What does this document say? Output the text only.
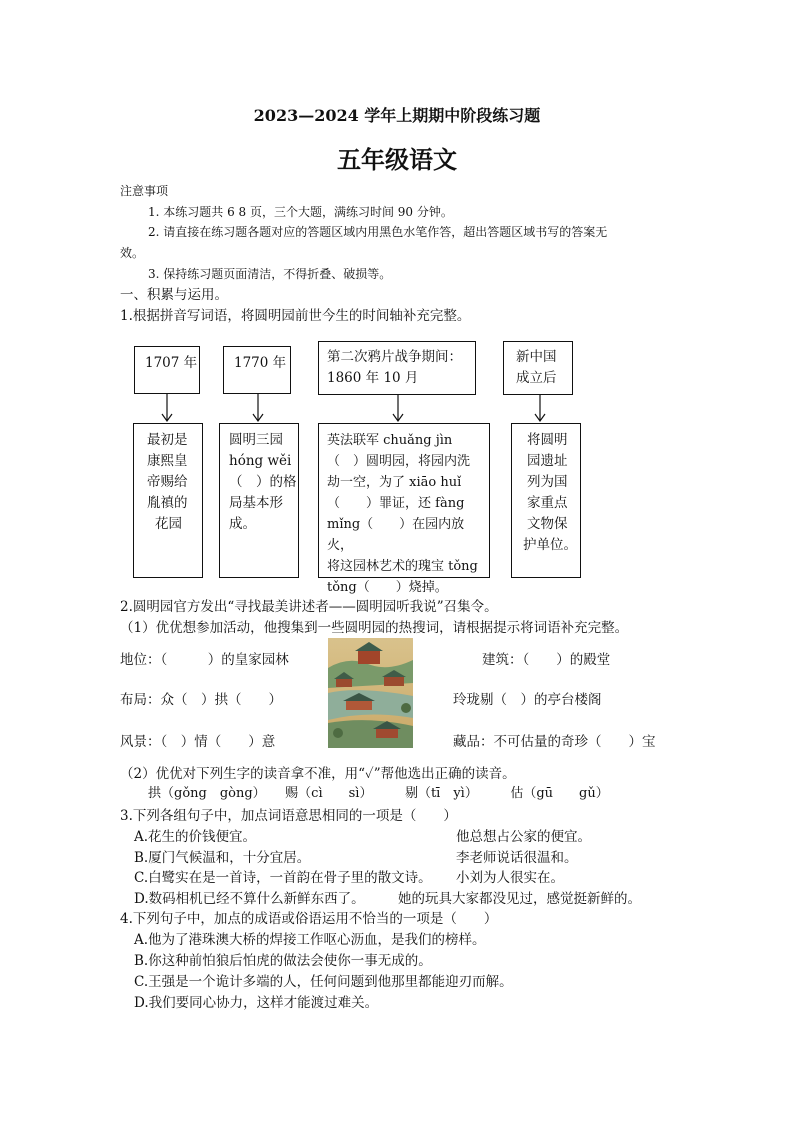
2023—2024 学年上期期中阶段练习题
五年级语文
注意事项
1. 本练习题共 6 8 页，三个大题，满练习时间 90 分钟。
2. 请直接在练习题各题对应的答题区域内用黑色水笔作答，超出答题区域书写的答案无
效。
3. 保持练习题页面清洁，不得折叠、破损等。
一、积累与运用。
1.根据拼音写词语，将圆明园前世今生的时间轴补充完整。
1707 年	1770 年	第二次鸦片战争期间：
1860 年 10 月
新中国
成立后
最初是
康熙皇
帝赐给
胤禛的
花园
圆明三园
hóng wěi
（　）的格
局基本形
成。
英法联军 chuǎng jìn
（　）圆明园，将园内洗
劫一空，为了 xiāo huǐ
（　　）罪证，还 fàng
mǐng（　　）在园内放火，
将这园林艺术的瑰宝 tǒng
tǒng（　　）烧掉。
将圆明
园遗址
列为国
家重点
文物保
护单位。
2.圆明园官方发出“寻找最美讲述者——圆明园听我说”召集令。
（1）优优想参加活动，他搜集到一些圆明园的热搜词，请根据提示将词语补充完整。
地位：（　　　）的皇家园林	建筑：（　　）的殿堂
布局：众（　）拱（　　）	玲珑剔（　）的亭台楼阁
风景：（　）情（　　）意	藏品：不可估量的奇珍（　　）宝
（2）优优对下列生字的读音拿不准，用“✓”帮他选出正确的读音。
拱（gǒng　gòng）　　赐（cì　　sì）　　　剔（tī　yì）　　　估（gū　　gǔ）
3.下列各组句子中，加点词语意思相同的一项是（　　）
A.花生的价钱便宜。	他总想占公家的便宜。
B.厦门气候温和，十分宜居。	李老师说话很温和。
C.白鹭实在是一首诗，一首韵在骨子里的散文诗。 小刘为人很实在。
D.数码相机已经不算什么新鲜东西了。 她的玩具大家都没见过，感觉挺新鲜的。
4.下列句子中，加点的成语或俗语运用不恰当的一项是（　　）
A.他为了港珠澳大桥的焊接工作呕心沥血，是我们的榜样。
B.你这种前怕狼后怕虎的做法会使你一事无成的。
C.王强是一个诡计多端的人，任何问题到他那里都能迎刃而解。
D.我们要同心协力，这样才能渡过难关。
